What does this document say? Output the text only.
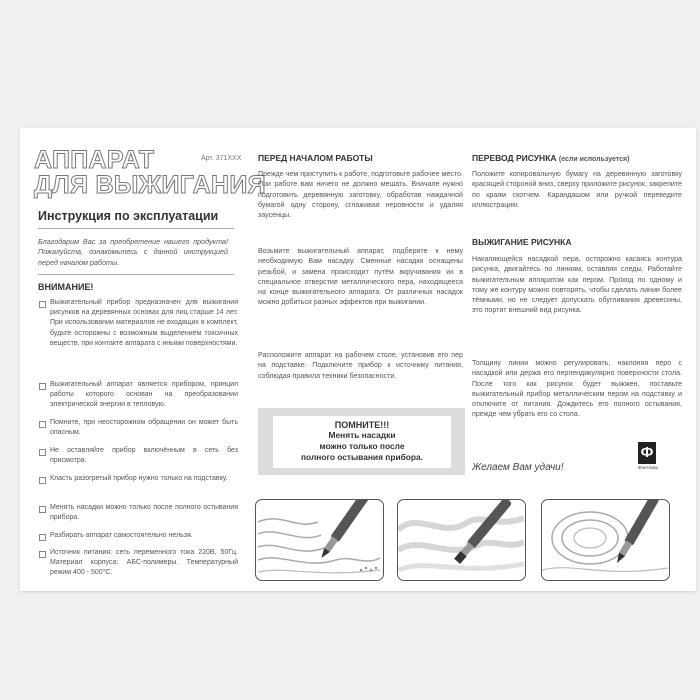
АППАРАТ
ДЛЯ ВЫЖИГАНИЯ
Арт. 371XXX
Инструкция по эксплуатации
Благодарим Вас за преобретение нашего продукта! Пожалуйста, ознакомьтесь с данной инструкцией перед началом работы.
ВНИМАНИЕ!
Выжигательный прибор предназначен для выжигания рисунков на деревянных основах для лиц старше 14 лет. При использовании материалов не входящих в комплект, будьте осторожны с возможным выделением токсичных веществ, при контакте аппарата с иными поверхностями.
Выжигательный аппарат является прибором, принцип работы которого основан на преобразовании электрической энергии в тепловую.
Помните, при неосторожном обращении он может быть опасным.
Не оставляйте прибор включённым в сеть без присмотра.
Класть разогретый прибор нужно только на подставку.
Менять насадки можно только после полного остывания прибора.
Разбирать аппарат самостоятельно нельзя.
Источник питания: сеть переменного тока 220В, 50Гц. Материал корпуса: АБС-полимеры. Температурный режим 400 - 500°С.
ПЕРЕД НАЧАЛОМ РАБОТЫ
Прежде чем приступить к работе, подготовьте рабочее место. При работе вам ничего не должно мешать. Вначале нужно подготовить деревянную заготовку, обработав наждачной бумагой одну сторону, сглаживая неровности и удаляя заусенцы.
Возьмите выжигательный аппарат, подберите к нему необходимую Вам насадку. Сменные насадки оснащены резьбой, и замена происходит путём вкручивания их в специальное отверстие металлического пера, находящееся на конце выжигательного аппарата. От различных насадок можно добиться разных эффектов при выжигании.
Расположите аппарат на рабочем столе, установив его пер на подставке. Подключите прибор к источнику питания, соблюдая правила техники безопасности.
ПОМНИТЕ!!!
Менять насадки
можно только после
полного остывания прибора.
ПЕРЕВОД РИСУНКА (если используется)
Положите копировальную бумагу на деревянную заготовку красящей стороной вниз, сверху приложите рисунок, закрепите по краям скотчем. Карандашом или ручкой переведите иллюстрацию.
ВЫЖИГАНИЕ РИСУНКА
Накаляющейся насадкой пера, осторожно касаясь контура рисунка, двигайтесь по линиям, оставляя следы. Работайте выжигательным аппаратом как пером. Проход по одному и тому же контуру можно повторять, чтобы сделать линии более тёмными, но не следует допускать обугливания древесины, это портит внешний вид рисунка.
Толщину линии можно регулировать, наклоняя перо с насадкой или держа его перпендикулярно поверхности стола. После того как рисунок будет выжжен, поставьте выжигательный прибор металлическим пером на подставку и отключите от питания. Дождитесь его полного остывания, прежде чем убрать его со стола.
Желаем Вам удачи!
Ф
Фантазёр
